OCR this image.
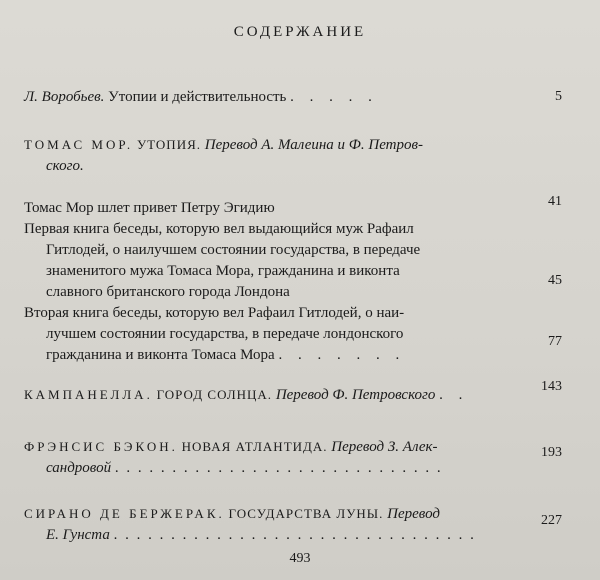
СОДЕРЖАНИЕ
Л. Воробьев. Утопии и действительность . . . . .	5
ТОМАС МОР. УТОПИЯ. Перевод А. Малеина и Ф. Петров-
ского.
Томас Мор шлет привет Петру Эгидию	41
Первая книга беседы, которую вел выдающийся муж Рафаил
Гитлодей, о наилучшем состоянии государства, в передаче
знаменитого мужа Томаса Мора, гражданина и виконта
славного британского города Лондона
45
Вторая книга беседы, которую вел Рафаил Гитлодей, о наи-
лучшем состоянии государства, в передаче лондонского
гражданина и виконта Томаса Мора . . . . . . .
77
КАМПАНЕЛЛА. ГОРОД СОЛНЦА. Перевод Ф. Петровского . .
143
ФРЭНСИС БЭКОН. НОВАЯ АТЛАНТИДА. Перевод З. Алек-
сандровой . . . . . . . . . . . . . . . . . . . . . . . . . . . . .
193
СИРАНО ДЕ БЕРЖЕРАК. ГОСУДАРСТВА ЛУНЫ. Перевод
Е. Гунста . . . . . . . . . . . . . . . . . . . . . . . . . . . . . . . .
227
493
